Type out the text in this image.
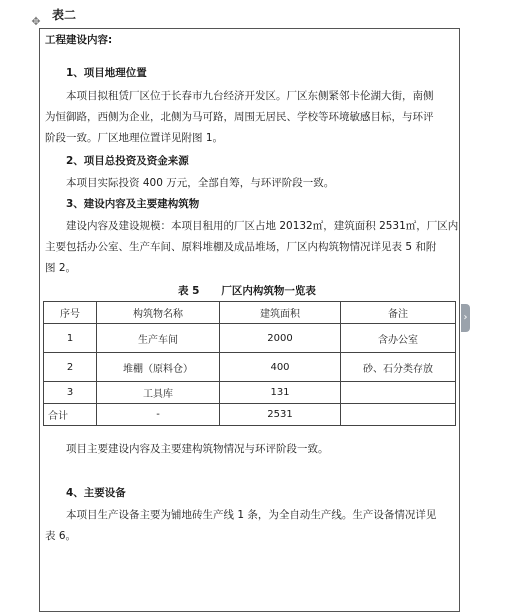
表二
✥
›
工程建设内容:
1、项目地理位置
本项目拟租赁厂区位于长春市九台经济开发区。厂区东侧紧邻卡伦湖大街，南侧
为恒御路，西侧为企业，北侧为马可路，周围无居民、学校等环境敏感目标，与环评
阶段一致。厂区地理位置详见附图 1。
2、项目总投资及资金来源
本项目实际投资 400 万元，全部自筹，与环评阶段一致。
3、建设内容及主要建构筑物
建设内容及建设规模：本项目租用的厂区占地 20132㎡，建筑面积 2531㎡，厂区内
主要包括办公室、生产车间、原料堆棚及成品堆场，厂区内构筑物情况详见表 5 和附
图 2。
表 5      厂区内构筑物一览表
序号	构筑物名称	建筑面积	备注
1	生产车间	2000	含办公室
2	堆棚（原料仓）	400	砂、石分类存放
3	工具库	131	
合计	-	2531	
项目主要建设内容及主要建构筑物情况与环评阶段一致。
4、主要设备
本项目生产设备主要为铺地砖生产线 1 条，为全自动生产线。生产设备情况详见
表 6。
